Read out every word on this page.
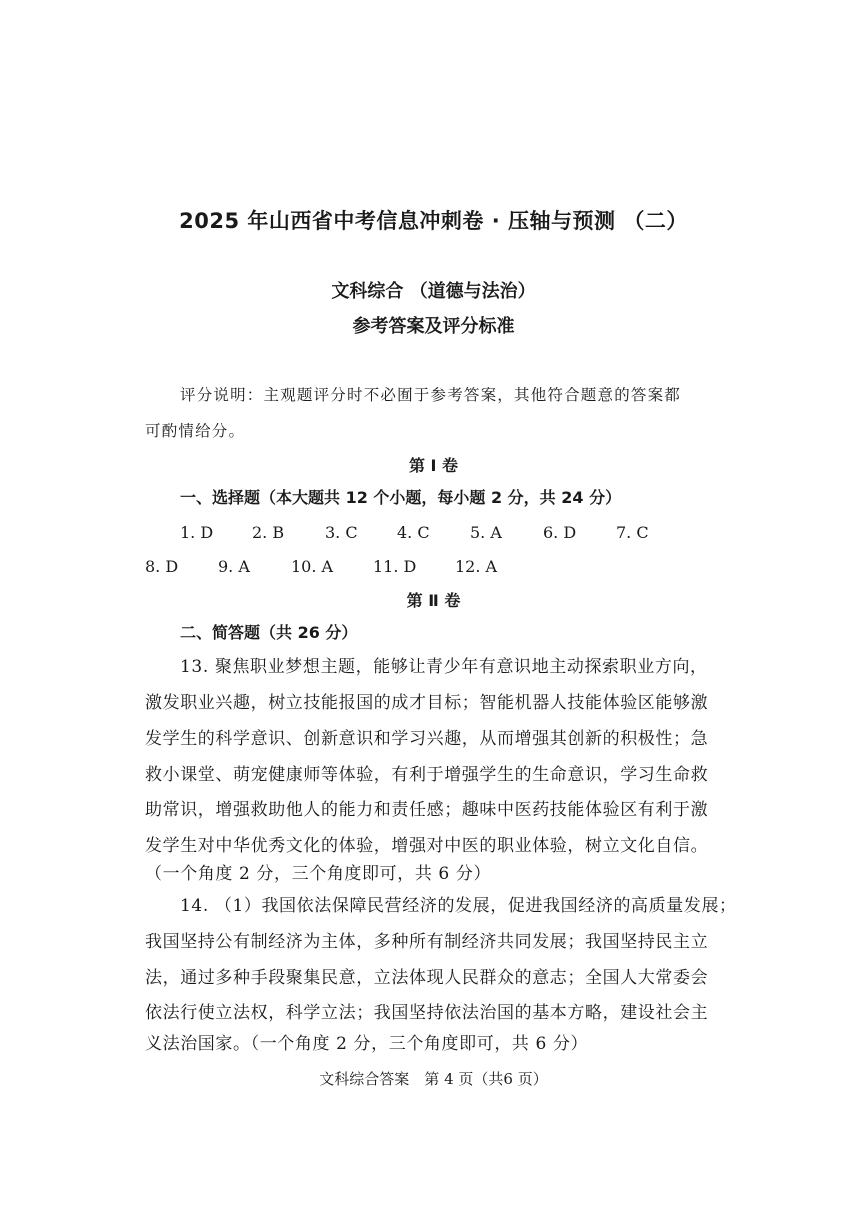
2025 年山西省中考信息冲刺卷 · 压轴与预测 （二）
文科综合 （道德与法治）
参考答案及评分标准
评分说明：主观题评分时不必囿于参考答案，其他符合题意的答案都
可酌情给分。
第 Ⅰ 卷
一、选择题（本大题共 12 个小题，每小题 2 分，共 24 分）
1. D 2. B	3. C 4. C	5. A	6. D 7. C
8. D 9. A	10. A 11. D 12. A
第 Ⅱ 卷
二、简答题（共 26 分）
13. 聚焦职业梦想主题，能够让青少年有意识地主动探索职业方向，
激发职业兴趣，树立技能报国的成才目标；智能机器人技能体验区能够激
发学生的科学意识、创新意识和学习兴趣，从而增强其创新的积极性；急
救小课堂、萌宠健康师等体验，有利于增强学生的生命意识，学习生命救
助常识，增强救助他人的能力和责任感；趣味中医药技能体验区有利于激
发学生对中华优秀文化的体验，增强对中医的职业体验，树立文化自信。
（一个角度 2 分，三个角度即可，共 6 分）
14. （1）我国依法保障民营经济的发展，促进我国经济的高质量发展；
我国坚持公有制经济为主体，多种所有制经济共同发展；我国坚持民主立
法，通过多种手段聚集民意，立法体现人民群众的意志；全国人大常委会
依法行使立法权，科学立法；我国坚持依法治国的基本方略，建设社会主
义法治国家。（一个角度 2 分，三个角度即可，共 6 分）
文科综合答案　第 4 页（共6 页）
